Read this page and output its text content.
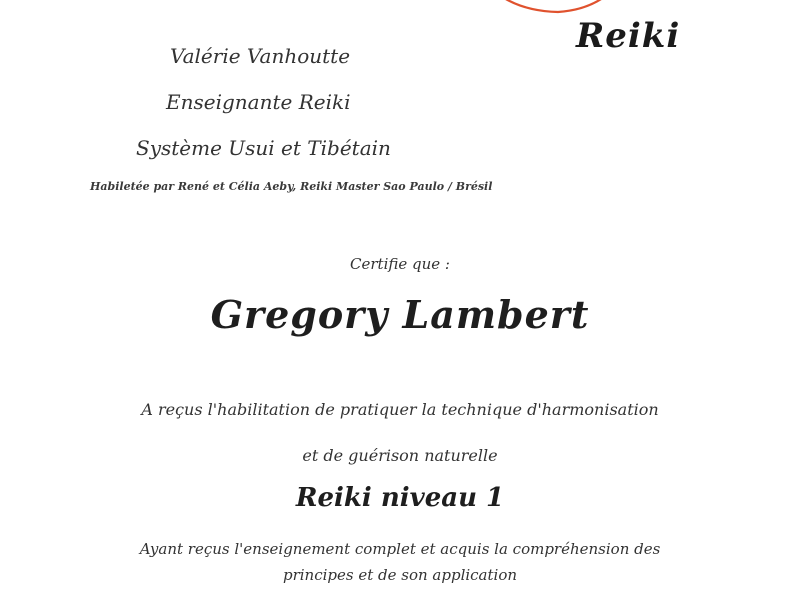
Reiki

Valérie Vanhoutte

Enseignante Reiki

Système Usui et Tibétain

Habiletée par René et Célia Aeby, Reiki Master Sao Paulo / Brésil

Certifie que :

Gregory Lambert

A reçus l'habilitation de pratiquer la technique d'harmonisation

et de guérison naturelle

Reiki niveau 1

Ayant reçus l'enseignement complet et acquis la compréhension des

principes et de son application
